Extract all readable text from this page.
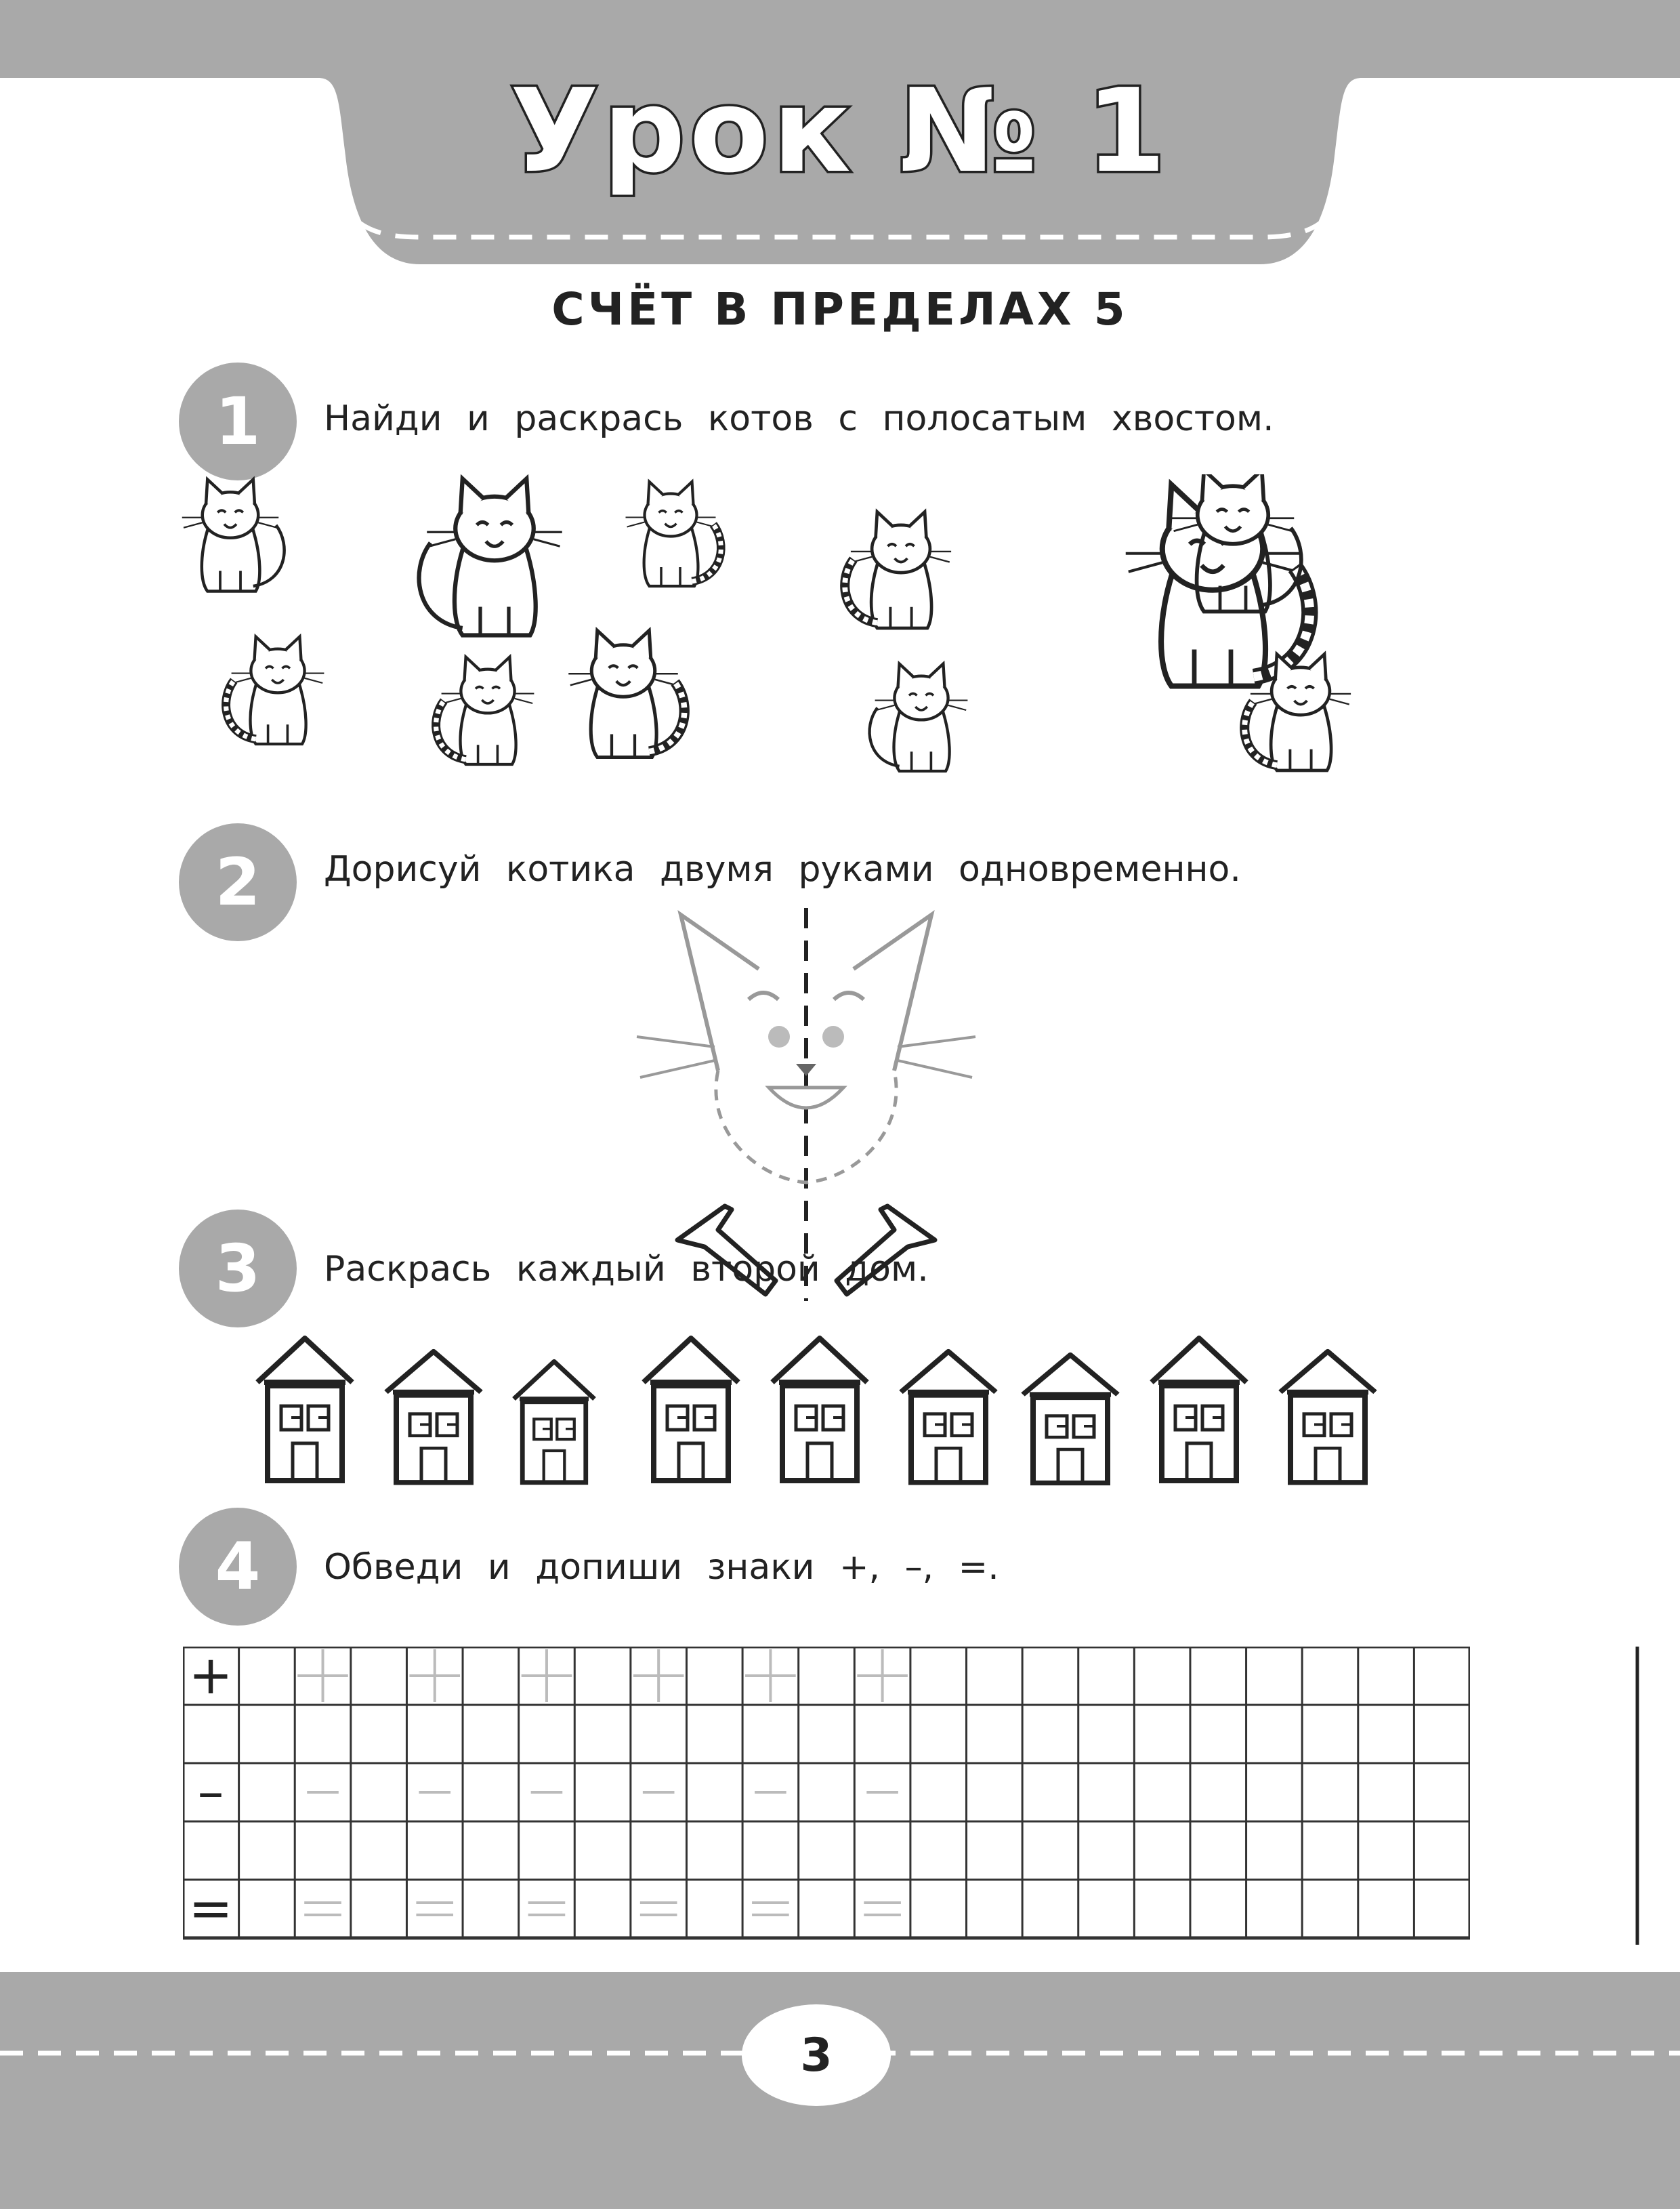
Урок № 1
СЧЁТ В ПРЕДЕЛАХ 5
1	Найди и раскрась котов с полосатым хвостом.
2	Дорисуй котика двумя руками одновременно.
3	Раскрась каждый второй дом.
4	Обведи и допиши знаки +, –, =.
+
–
=
3
